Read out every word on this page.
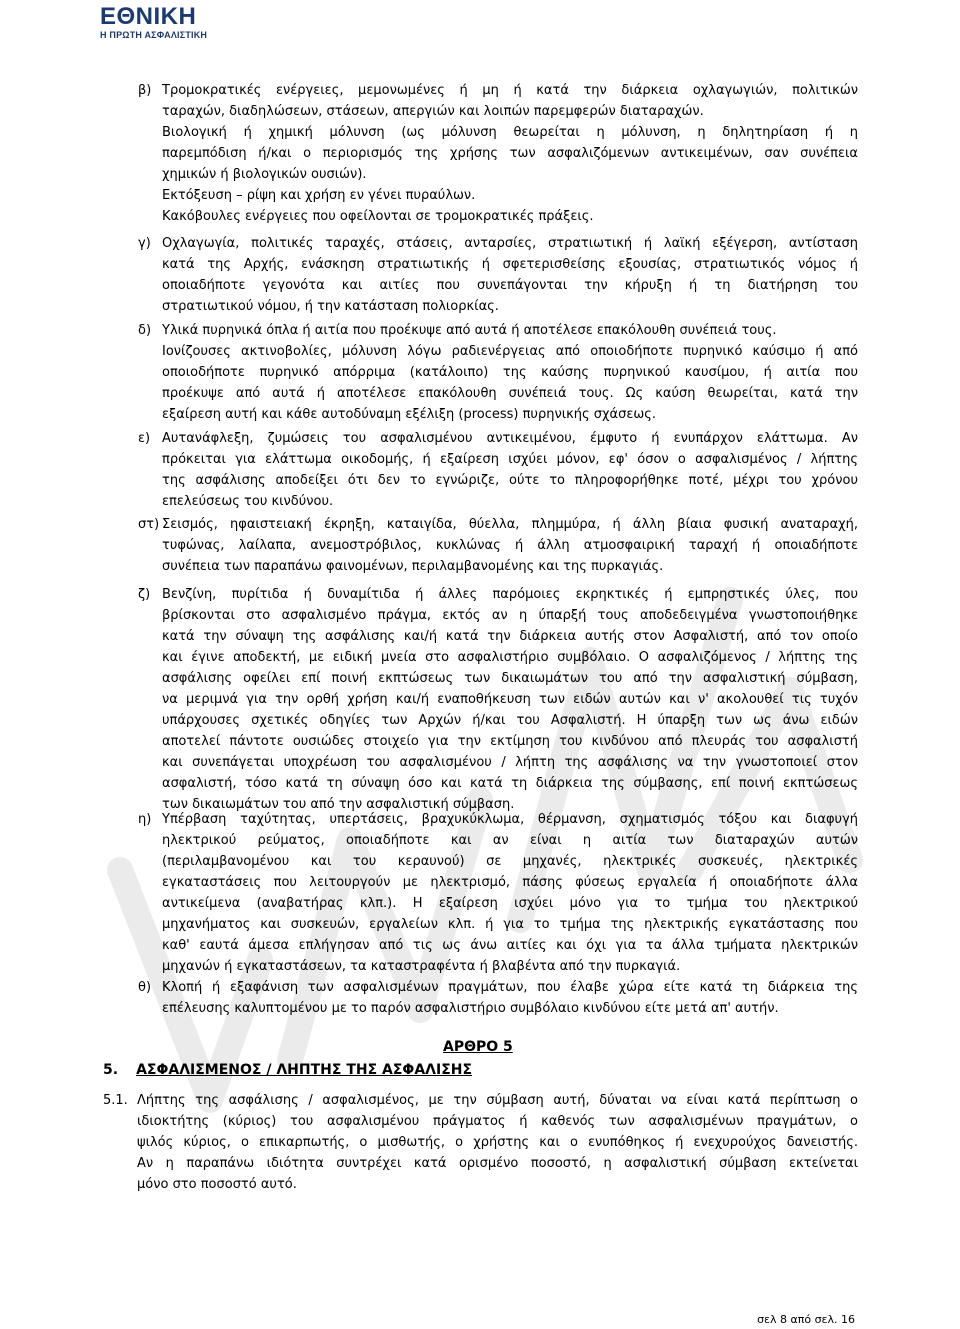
ΕΘΝΙΚΗ
Η ΠΡΩΤΗ ΑΣΦΑΛΙΣΤΙΚΗ
β) Τρομοκρατικές ενέργειες, μεμονωμένες ή μη ή κατά την διάρκεια οχλαγωγιών, πολιτικών
ταραχών, διαδηλώσεων, στάσεων, απεργιών και λοιπών παρεμφερών διαταραχών.
Βιολογική ή χημική μόλυνση (ως μόλυνση θεωρείται η μόλυνση, η δηλητηρίαση ή η
παρεμπόδιση ή/και ο περιορισμός της χρήσης των ασφαλιζόμενων αντικειμένων, σαν συνέπεια
χημικών ή βιολογικών ουσιών).
Εκτόξευση – ρίψη και χρήση εν γένει πυραύλων.
Κακόβουλες ενέργειες που οφείλονται σε τρομοκρατικές πράξεις.
γ) Οχλαγωγία, πολιτικές ταραχές, στάσεις, ανταρσίες, στρατιωτική ή λαϊκή εξέγερση, αντίσταση
κατά της Αρχής, ενάσκηση στρατιωτικής ή σφετερισθείσης εξουσίας, στρατιωτικός νόμος ή
οποιαδήποτε γεγονότα και αιτίες που συνεπάγονται την κήρυξη ή τη διατήρηση του
στρατιωτικού νόμου, ή την κατάσταση πολιορκίας.
δ) Υλικά πυρηνικά όπλα ή αιτία που προέκυψε από αυτά ή αποτέλεσε επακόλουθη συνέπειά τους.
Ιονίζουσες ακτινοβολίες, μόλυνση λόγω ραδιενέργειας από οποιοδήποτε πυρηνικό καύσιμο ή από
οποιοδήποτε πυρηνικό απόρριμα (κατάλοιπο) της καύσης πυρηνικού καυσίμου, ή αιτία που
προέκυψε από αυτά ή αποτέλεσε επακόλουθη συνέπειά τους. Ως καύση θεωρείται, κατά την
εξαίρεση αυτή και κάθε αυτοδύναμη εξέλιξη (process) πυρηνικής σχάσεως.
ε) Αυτανάφλεξη, ζυμώσεις του ασφαλισμένου αντικειμένου, έμφυτο ή ενυπάρχον ελάττωμα. Αν
πρόκειται για ελάττωμα οικοδομής, ή εξαίρεση ισχύει μόνον, εφ' όσον ο ασφαλισμένος / λήπτης
της ασφάλισης αποδείξει ότι δεν το εγνώριζε, ούτε το πληροφορήθηκε ποτέ, μέχρι του χρόνου
επελεύσεως του κινδύνου.
στ) Σεισμός, ηφαιστειακή έκρηξη, καταιγίδα, θύελλα, πλημμύρα, ή άλλη βίαια φυσική αναταραχή,
τυφώνας, λαίλαπα, ανεμοστρόβιλος, κυκλώνας ή άλλη ατμοσφαιρική ταραχή ή οποιαδήποτε
συνέπεια των παραπάνω φαινομένων, περιλαμβανομένης και της πυρκαγιάς.
ζ) Βενζίνη, πυρίτιδα ή δυναμίτιδα ή άλλες παρόμοιες εκρηκτικές ή εμπρηστικές ύλες, που
βρίσκονται στο ασφαλισμένο πράγμα, εκτός αν η ύπαρξή τους αποδεδειγμένα γνωστοποιήθηκε
κατά την σύναψη της ασφάλισης και/ή κατά την διάρκεια αυτής στον Ασφαλιστή, από τον οποίο
και έγινε αποδεκτή, με ειδική μνεία στο ασφαλιστήριο συμβόλαιο. Ο ασφαλιζόμενος / λήπτης της
ασφάλισης οφείλει επί ποινή εκπτώσεως των δικαιωμάτων του από την ασφαλιστική σύμβαση,
να μεριμνά για την ορθή χρήση και/ή εναποθήκευση των ειδών αυτών και ν' ακολουθεί τις τυχόν
υπάρχουσες σχετικές οδηγίες των Αρχών ή/και του Ασφαλιστή. Η ύπαρξη των ως άνω ειδών
αποτελεί πάντοτε ουσιώδες στοιχείο για την εκτίμηση του κινδύνου από πλευράς του ασφαλιστή
και συνεπάγεται υποχρέωση του ασφαλισμένου / λήπτη της ασφάλισης να την γνωστοποιεί στον
ασφαλιστή, τόσο κατά τη σύναψη όσο και κατά τη διάρκεια της σύμβασης, επί ποινή εκπτώσεως
των δικαιωμάτων του από την ασφαλιστική σύμβαση.
η) Υπέρβαση ταχύτητας, υπερτάσεις, βραχυκύκλωμα, θέρμανση, σχηματισμός τόξου και διαφυγή
ηλεκτρικού ρεύματος, οποιαδήποτε και αν είναι η αιτία των διαταραχών αυτών
(περιλαμβανομένου και του κεραυνού) σε μηχανές, ηλεκτρικές συσκευές, ηλεκτρικές
εγκαταστάσεις που λειτουργούν με ηλεκτρισμό, πάσης φύσεως εργαλεία ή οποιαδήποτε άλλα
αντικείμενα (αναβατήρας κλπ.). Η εξαίρεση ισχύει μόνο για το τμήμα του ηλεκτρικού
μηχανήματος και συσκευών, εργαλείων κλπ. ή για το τμήμα της ηλεκτρικής εγκατάστασης που
καθ' εαυτά άμεσα επλήγησαν από τις ως άνω αιτίες και όχι για τα άλλα τμήματα ηλεκτρικών
μηχανών ή εγκαταστάσεων, τα καταστραφέντα ή βλαβέντα από την πυρκαγιά.
θ) Κλοπή ή εξαφάνιση των ασφαλισμένων πραγμάτων, που έλαβε χώρα είτε κατά τη διάρκεια της
επέλευσης καλυπτομένου με το παρόν ασφαλιστήριο συμβόλαιο κινδύνου είτε μετά απ' αυτήν.
ΑΡΘΡΟ 5
5. ΑΣΦΑΛΙΣΜΕΝΟΣ / ΛΗΠΤΗΣ ΤΗΣ ΑΣΦΑΛΙΣΗΣ
5.1. Λήπτης της ασφάλισης / ασφαλισμένος, με την σύμβαση αυτή, δύναται να είναι κατά περίπτωση ο
ιδιοκτήτης (κύριος) του ασφαλισμένου πράγματος ή καθενός των ασφαλισμένων πραγμάτων, ο
ψιλός κύριος, ο επικαρπωτής, ο μισθωτής, ο χρήστης και ο ενυπόθηκος ή ενεχυρούχος δανειστής.
Αν η παραπάνω ιδιότητα συντρέχει κατά ορισμένο ποσοστό, η ασφαλιστική σύμβαση εκτείνεται
μόνο στο ποσοστό αυτό.
σελ 8 από σελ. 16
